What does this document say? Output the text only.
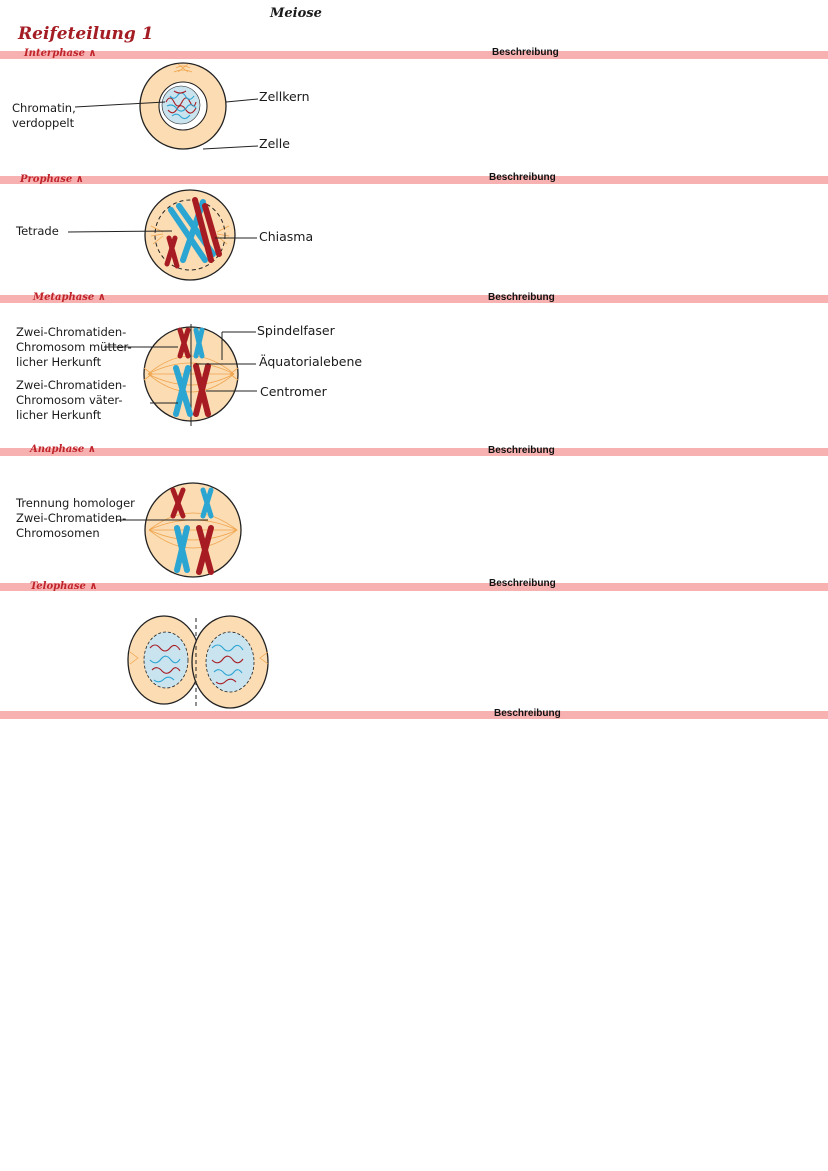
Meiose
Reifeteilung 1
Interphase ∧
Prophase ∧
Metaphase ∧
Anaphase ∧
Telophase ∧
Beschreibung
Beschreibung
Beschreibung
Beschreibung
Beschreibung
Beschreibung
Chromatin,
verdoppelt
Zellkern
Zelle
Tetrade	Chiasma
Zwei-Chromatiden-
Chromosom mütter-
licher Herkunft
Zwei-Chromatiden-
Chromosom väter-
licher Herkunft
Spindelfaser
Äquatorialebene
Centromer
Trennung homologer
Zwei-Chromatiden-
Chromosomen
